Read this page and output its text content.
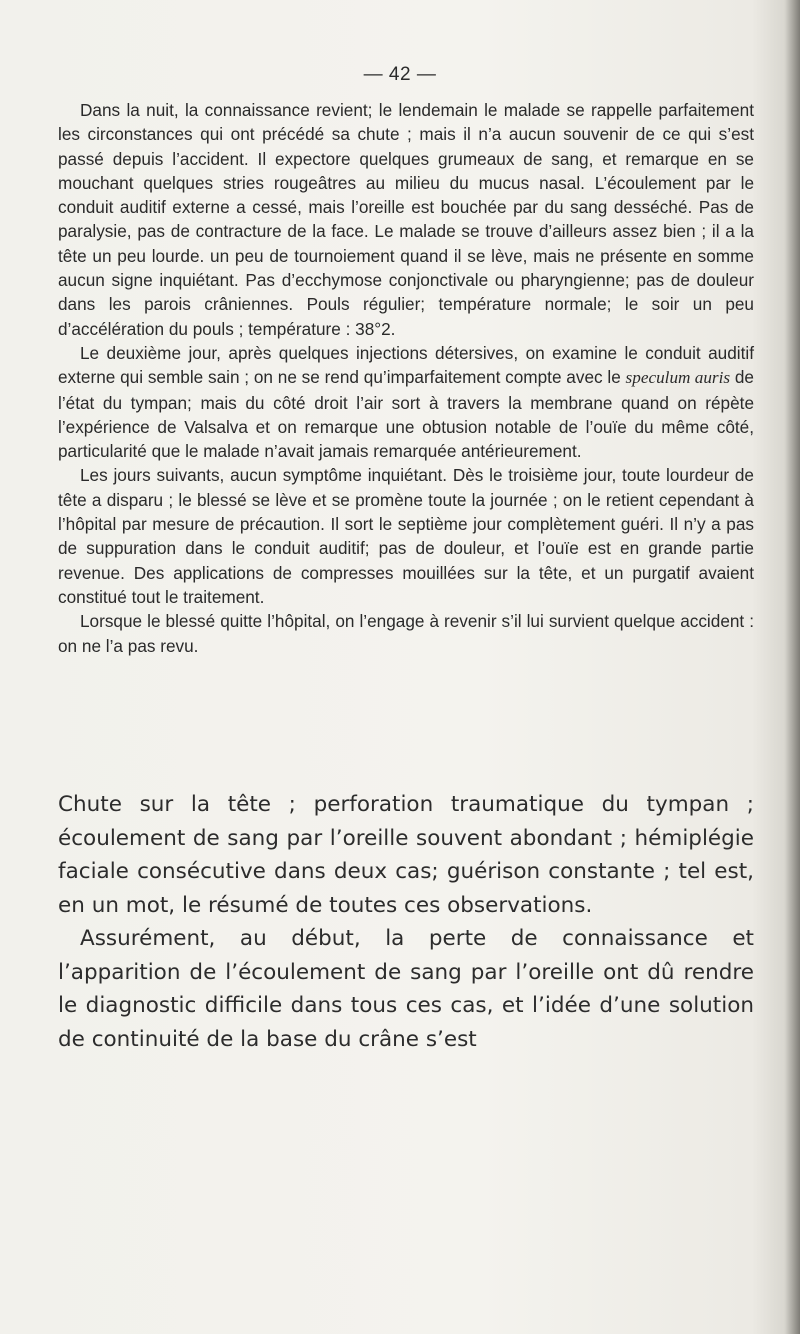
— 42 —

Dans la nuit, la connaissance revient; le lendemain le malade se rappelle parfaitement les circonstances qui ont précédé sa chute ; mais il n’a aucun souvenir de ce qui s’est passé depuis l’accident. Il expectore quelques grumeaux de sang, et remarque en se mouchant quelques stries rougeâtres au milieu du mucus nasal. L’écoulement par le conduit auditif externe a cessé, mais l’oreille est bouchée par du sang desséché. Pas de paralysie, pas de contracture de la face. Le malade se trouve d’ailleurs assez bien ; il a la tête un peu lourde. un peu de tournoiement quand il se lève, mais ne présente en somme aucun signe inquiétant. Pas d’ecchymose conjonctivale ou pharyngienne; pas de douleur dans les parois crâniennes. Pouls régulier; température normale; le soir un peu d’accélération du pouls ; température : 38°2.

Le deuxième jour, après quelques injections détersives, on examine le conduit auditif externe qui semble sain ; on ne se rend qu’imparfaitement compte avec le speculum auris de l’état du tympan; mais du côté droit l’air sort à travers la membrane quand on répète l’expérience de Valsalva et on remarque une obtusion notable de l’ouïe du même côté, particularité que le malade n’avait jamais remarquée antérieurement.

Les jours suivants, aucun symptôme inquiétant. Dès le troisième jour, toute lourdeur de tête a disparu ; le blessé se lève et se promène toute la journée ; on le retient cependant à l’hôpital par mesure de précaution. Il sort le septième jour complètement guéri. Il n’y a pas de suppuration dans le conduit auditif; pas de douleur, et l’ouïe est en grande partie revenue. Des applications de compresses mouillées sur la tête, et un purgatif avaient constitué tout le traitement.

Lorsque le blessé quitte l’hôpital, on l’engage à revenir s’il lui survient quelque accident : on ne l’a pas revu.

Chute sur la tête ; perforation traumatique du tympan ; écoulement de sang par l’oreille souvent abondant ; hémiplégie faciale consécutive dans deux cas; guérison constante ; tel est, en un mot, le résumé de toutes ces observations.

Assurément, au début, la perte de connaissance et l’apparition de l’écoulement de sang par l’oreille ont dû rendre le diagnostic difficile dans tous ces cas, et l’idée d’une solution de continuité de la base du crâne s’est
